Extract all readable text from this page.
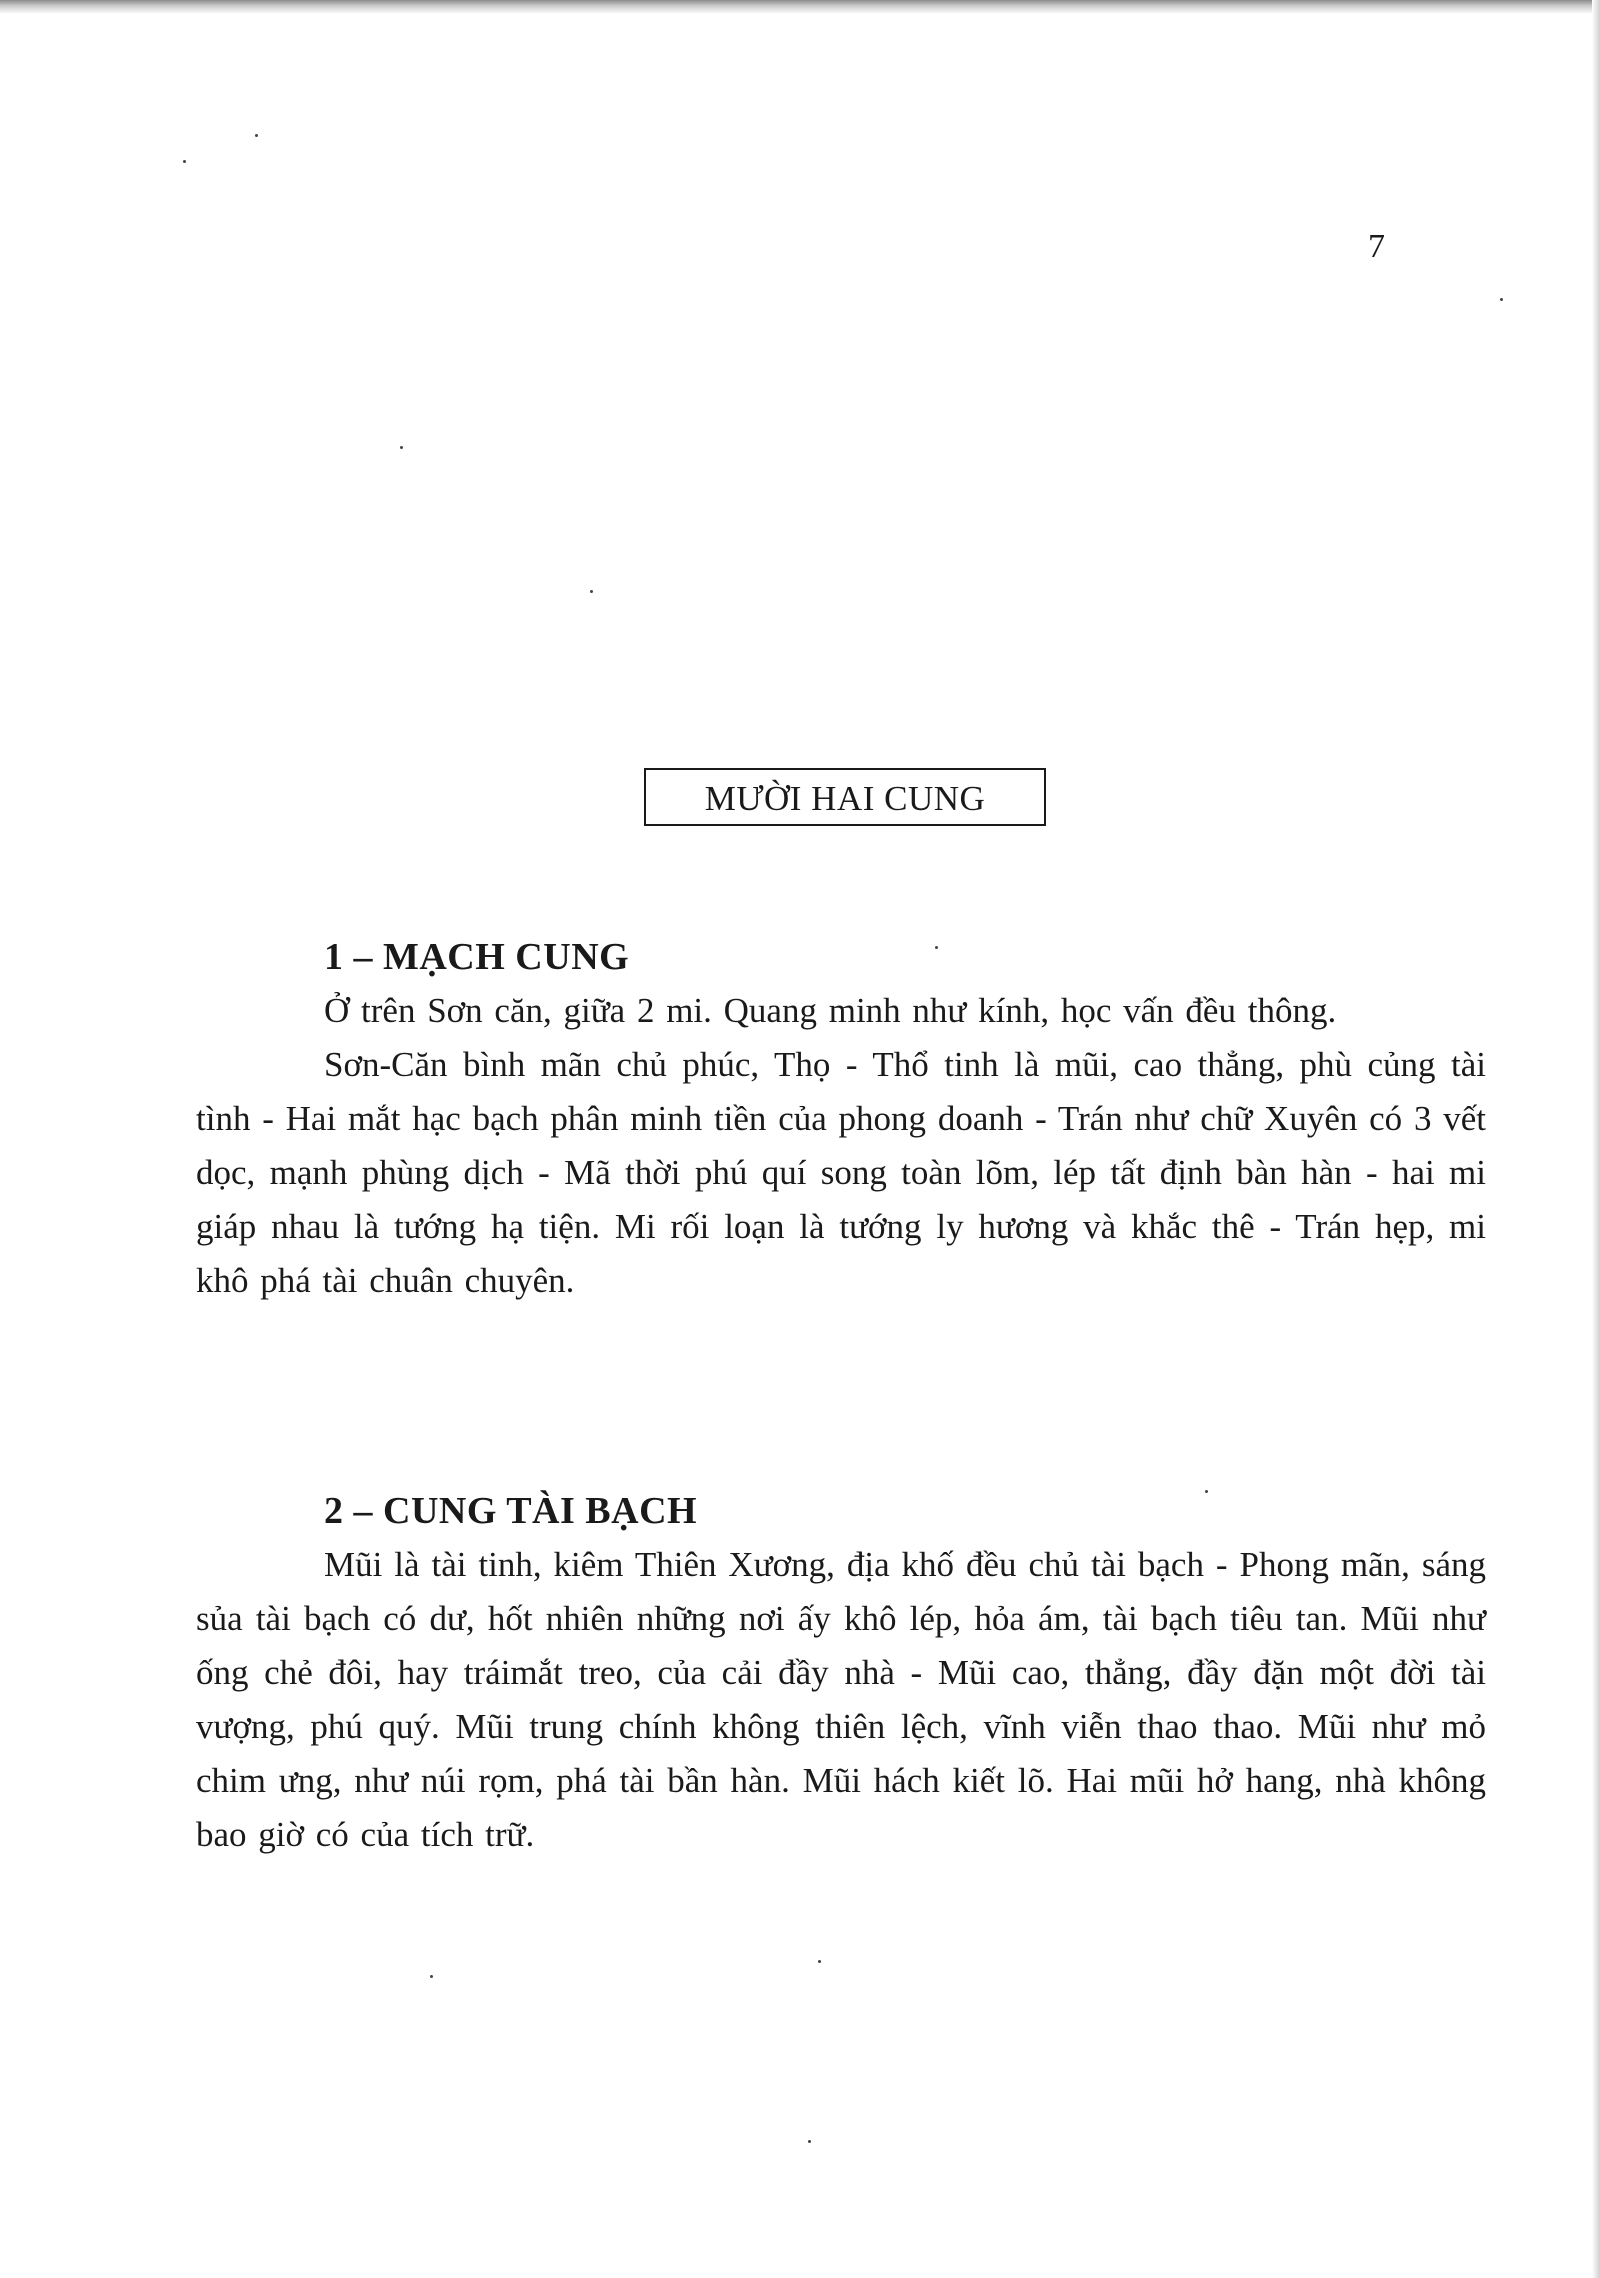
7
MƯỜI HAI CUNG

1 – MẠCH CUNG

Ở trên Sơn căn, giữa 2 mi. Quang minh như kính, học vấn đều thông.

Sơn-Căn bình mãn chủ phúc, Thọ - Thổ tinh là mũi, cao thẳng, phù củng tài tình - Hai mắt hạc bạch phân minh tiền của phong doanh - Trán như chữ Xuyên có 3 vết dọc, mạnh phùng dịch - Mã thời phú quí song toàn lõm, lép tất định bàn hàn - hai mi giáp nhau là tướng hạ tiện. Mi rối loạn là tướng ly hương và khắc thê - Trán hẹp, mi khô phá tài chuân chuyên.

2 – CUNG TÀI BẠCH

Mũi là tài tinh, kiêm Thiên Xương, địa khố đều chủ tài bạch - Phong mãn, sáng sủa tài bạch có dư, hốt nhiên những nơi ấy khô lép, hỏa ám, tài bạch tiêu tan. Mũi như ống chẻ đôi, hay tráimắt treo, của cải đầy nhà - Mũi cao, thẳng, đầy đặn một đời tài vượng, phú quý. Mũi trung chính không thiên lệch, vĩnh viễn thao thao. Mũi như mỏ chim ưng, như núi rọm, phá tài bần hàn. Mũi hách kiết lõ. Hai mũi hở hang, nhà không bao giờ có của tích trữ.
